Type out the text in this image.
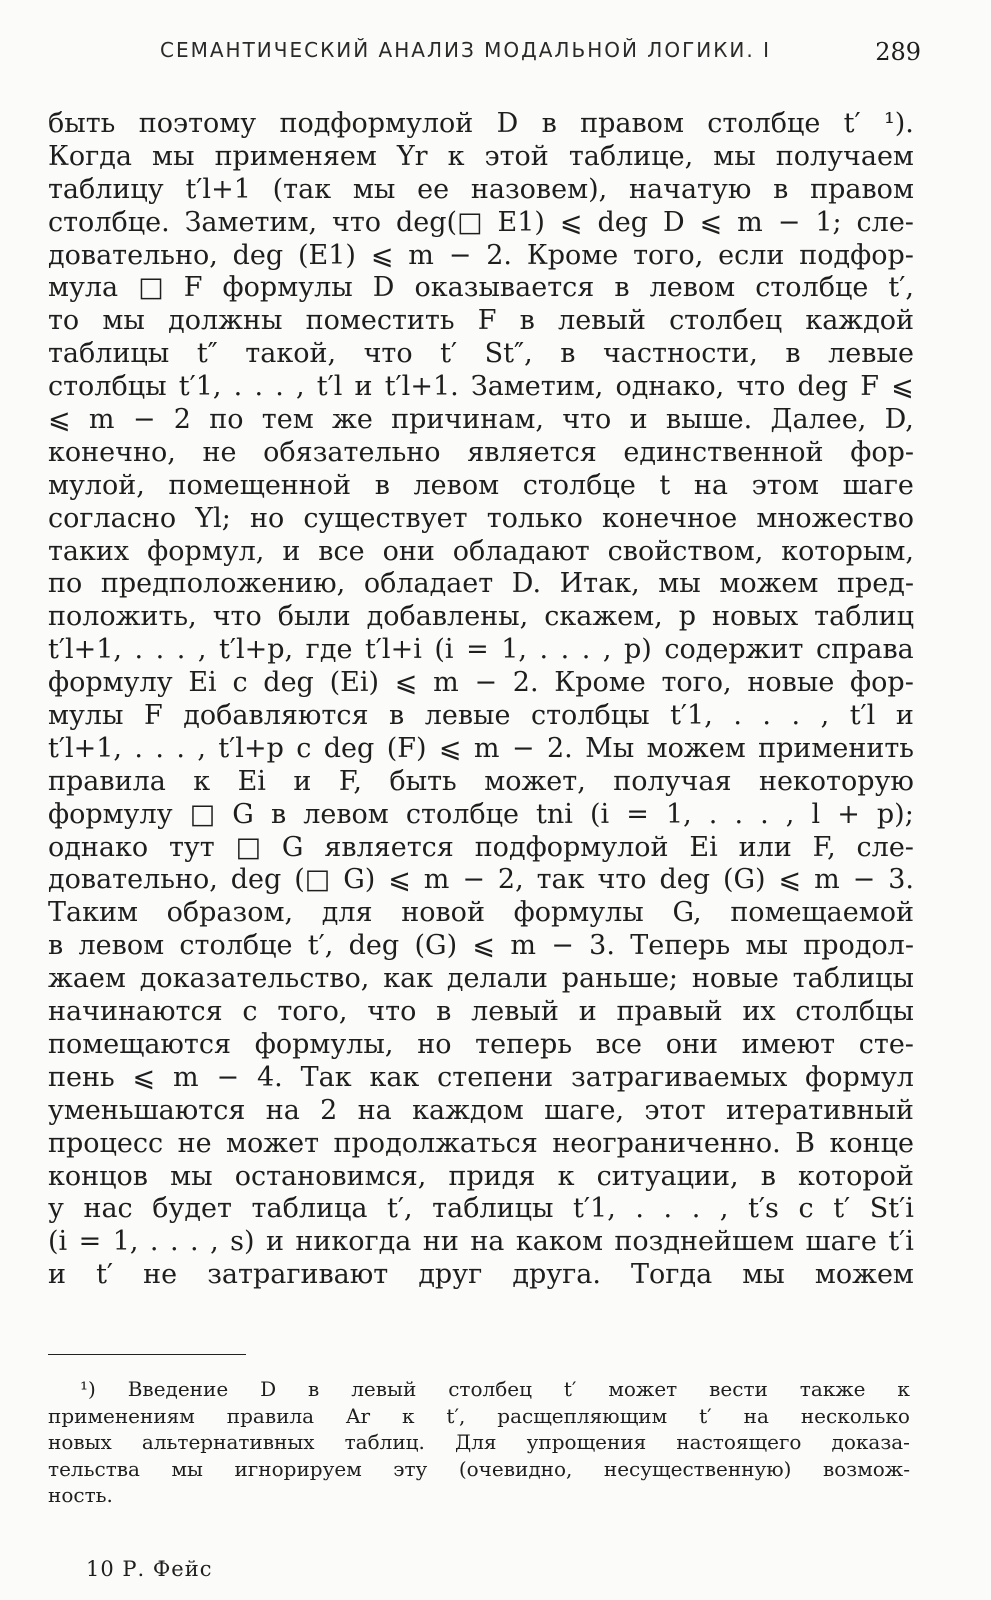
СЕМАНТИЧЕСКИЙ АНАЛИЗ МОДАЛЬНОЙ ЛОГИКИ. I	289
быть поэтому подформулой D в правом столбце t′ ¹).
Когда мы применяем Yr к этой таблице, мы получаем
таблицу t′l+1 (так мы ее назовем), начатую в правом
столбце. Заметим, что deg(□ E1) ⩽ deg D ⩽ m − 1; сле-
довательно, deg (E1) ⩽ m − 2. Кроме того, если подфор-
мула □ F формулы D оказывается в левом столбце t′,
то мы должны поместить F в левый столбец каждой
таблицы t″ такой, что t′ St″, в частности, в левые
столбцы t′1, . . . , t′l и t′l+1. Заметим, однако, что deg F ⩽
⩽ m − 2 по тем же причинам, что и выше. Далее, D,
конечно, не обязательно является единственной фор-
мулой, помещенной в левом столбце t на этом шаге
согласно Yl; но существует только конечное множество
таких формул, и все они обладают свойством, которым,
по предположению, обладает D. Итак, мы можем пред-
положить, что были добавлены, скажем, p новых таблиц
t′l+1, . . . , t′l+p, где t′l+i (i = 1, . . . , p) содержит справа
формулу Ei с deg (Ei) ⩽ m − 2. Кроме того, новые фор-
мулы F добавляются в левые столбцы t′1, . . . , t′l и
t′l+1, . . . , t′l+p с deg (F) ⩽ m − 2. Мы можем применить
правила к Ei и F, быть может, получая некоторую
формулу □ G в левом столбце tni (i = 1, . . . , l + p);
однако тут □ G является подформулой Ei или F, сле-
довательно, deg (□ G) ⩽ m − 2, так что deg (G) ⩽ m − 3.
Таким образом, для новой формулы G, помещаемой
в левом столбце t′, deg (G) ⩽ m − 3. Теперь мы продол-
жаем доказательство, как делали раньше; новые таблицы
начинаются с того, что в левый и правый их столбцы
помещаются формулы, но теперь все они имеют сте-
пень ⩽ m − 4. Так как степени затрагиваемых формул
уменьшаются на 2 на каждом шаге, этот итеративный
процесс не может продолжаться неограниченно. В конце
концов мы остановимся, придя к ситуации, в которой
у нас будет таблица t′, таблицы t′1, . . . , t′s с t′ St′i
(i = 1, . . . , s) и никогда ни на каком позднейшем шаге t′i
и t′ не затрагивают друг друга. Тогда мы можем
¹) Введение D в левый столбец t′ может вести также к
применениям правила Ar к t′, расщепляющим t′ на несколько
новых альтернативных таблиц. Для упрощения настоящего доказа-
тельства мы игнорируем эту (очевидно, несущественную) возмож-
ность.
10 Р. Фейс
